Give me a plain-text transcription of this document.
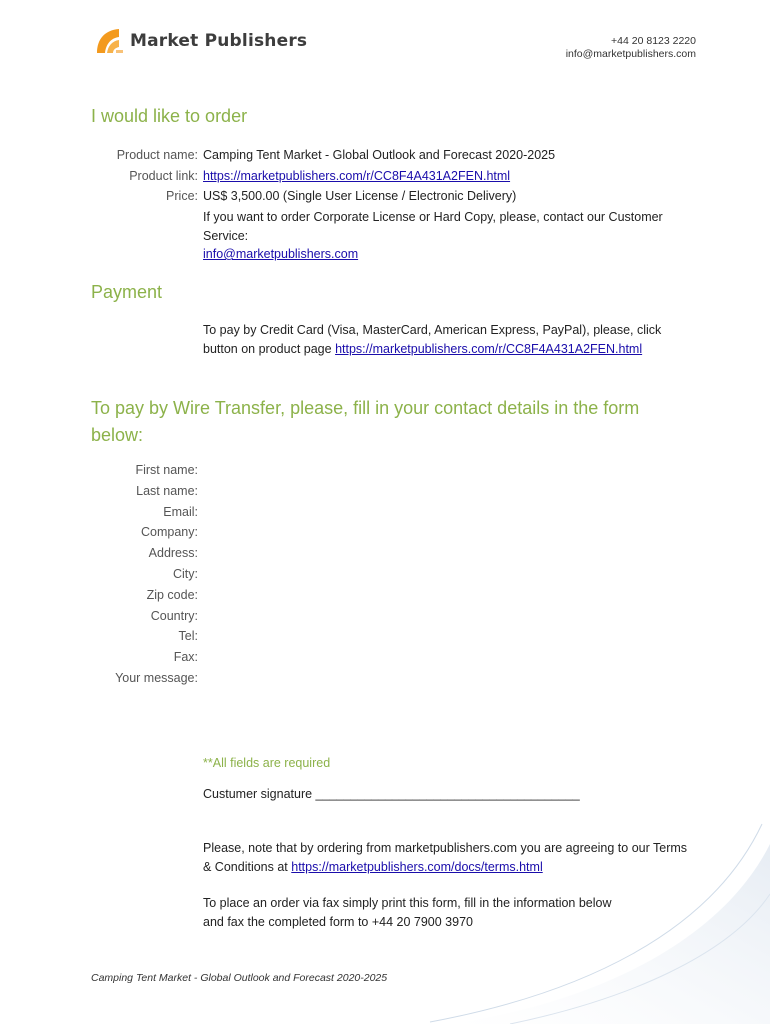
Market Publishers	+44 20 8123 2220
info@marketpublishers.com
I would like to order
Product name: Camping Tent Market - Global Outlook and Forecast 2020-2025
Product link: https://marketpublishers.com/r/CC8F4A431A2FEN.html
Price: US$ 3,500.00 (Single User License / Electronic Delivery)
If you want to order Corporate License or Hard Copy, please, contact our Customer
Service:
info@marketpublishers.com
Payment
To pay by Credit Card (Visa, MasterCard, American Express, PayPal), please, click
button on product page https://marketpublishers.com/r/CC8F4A431A2FEN.html
To pay by Wire Transfer, please, fill in your contact details in the form
below:
First name:
Last name:
Email:
Company:
Address:
City:
Zip code:
Country:
Tel:
Fax:
Your message:
**All fields are required
Custumer signature ______________________________________
Please, note that by ordering from marketpublishers.com you are agreeing to our Terms
& Conditions at https://marketpublishers.com/docs/terms.html
To place an order via fax simply print this form, fill in the information below
and fax the completed form to +44 20 7900 3970
Camping Tent Market - Global Outlook and Forecast 2020-2025
